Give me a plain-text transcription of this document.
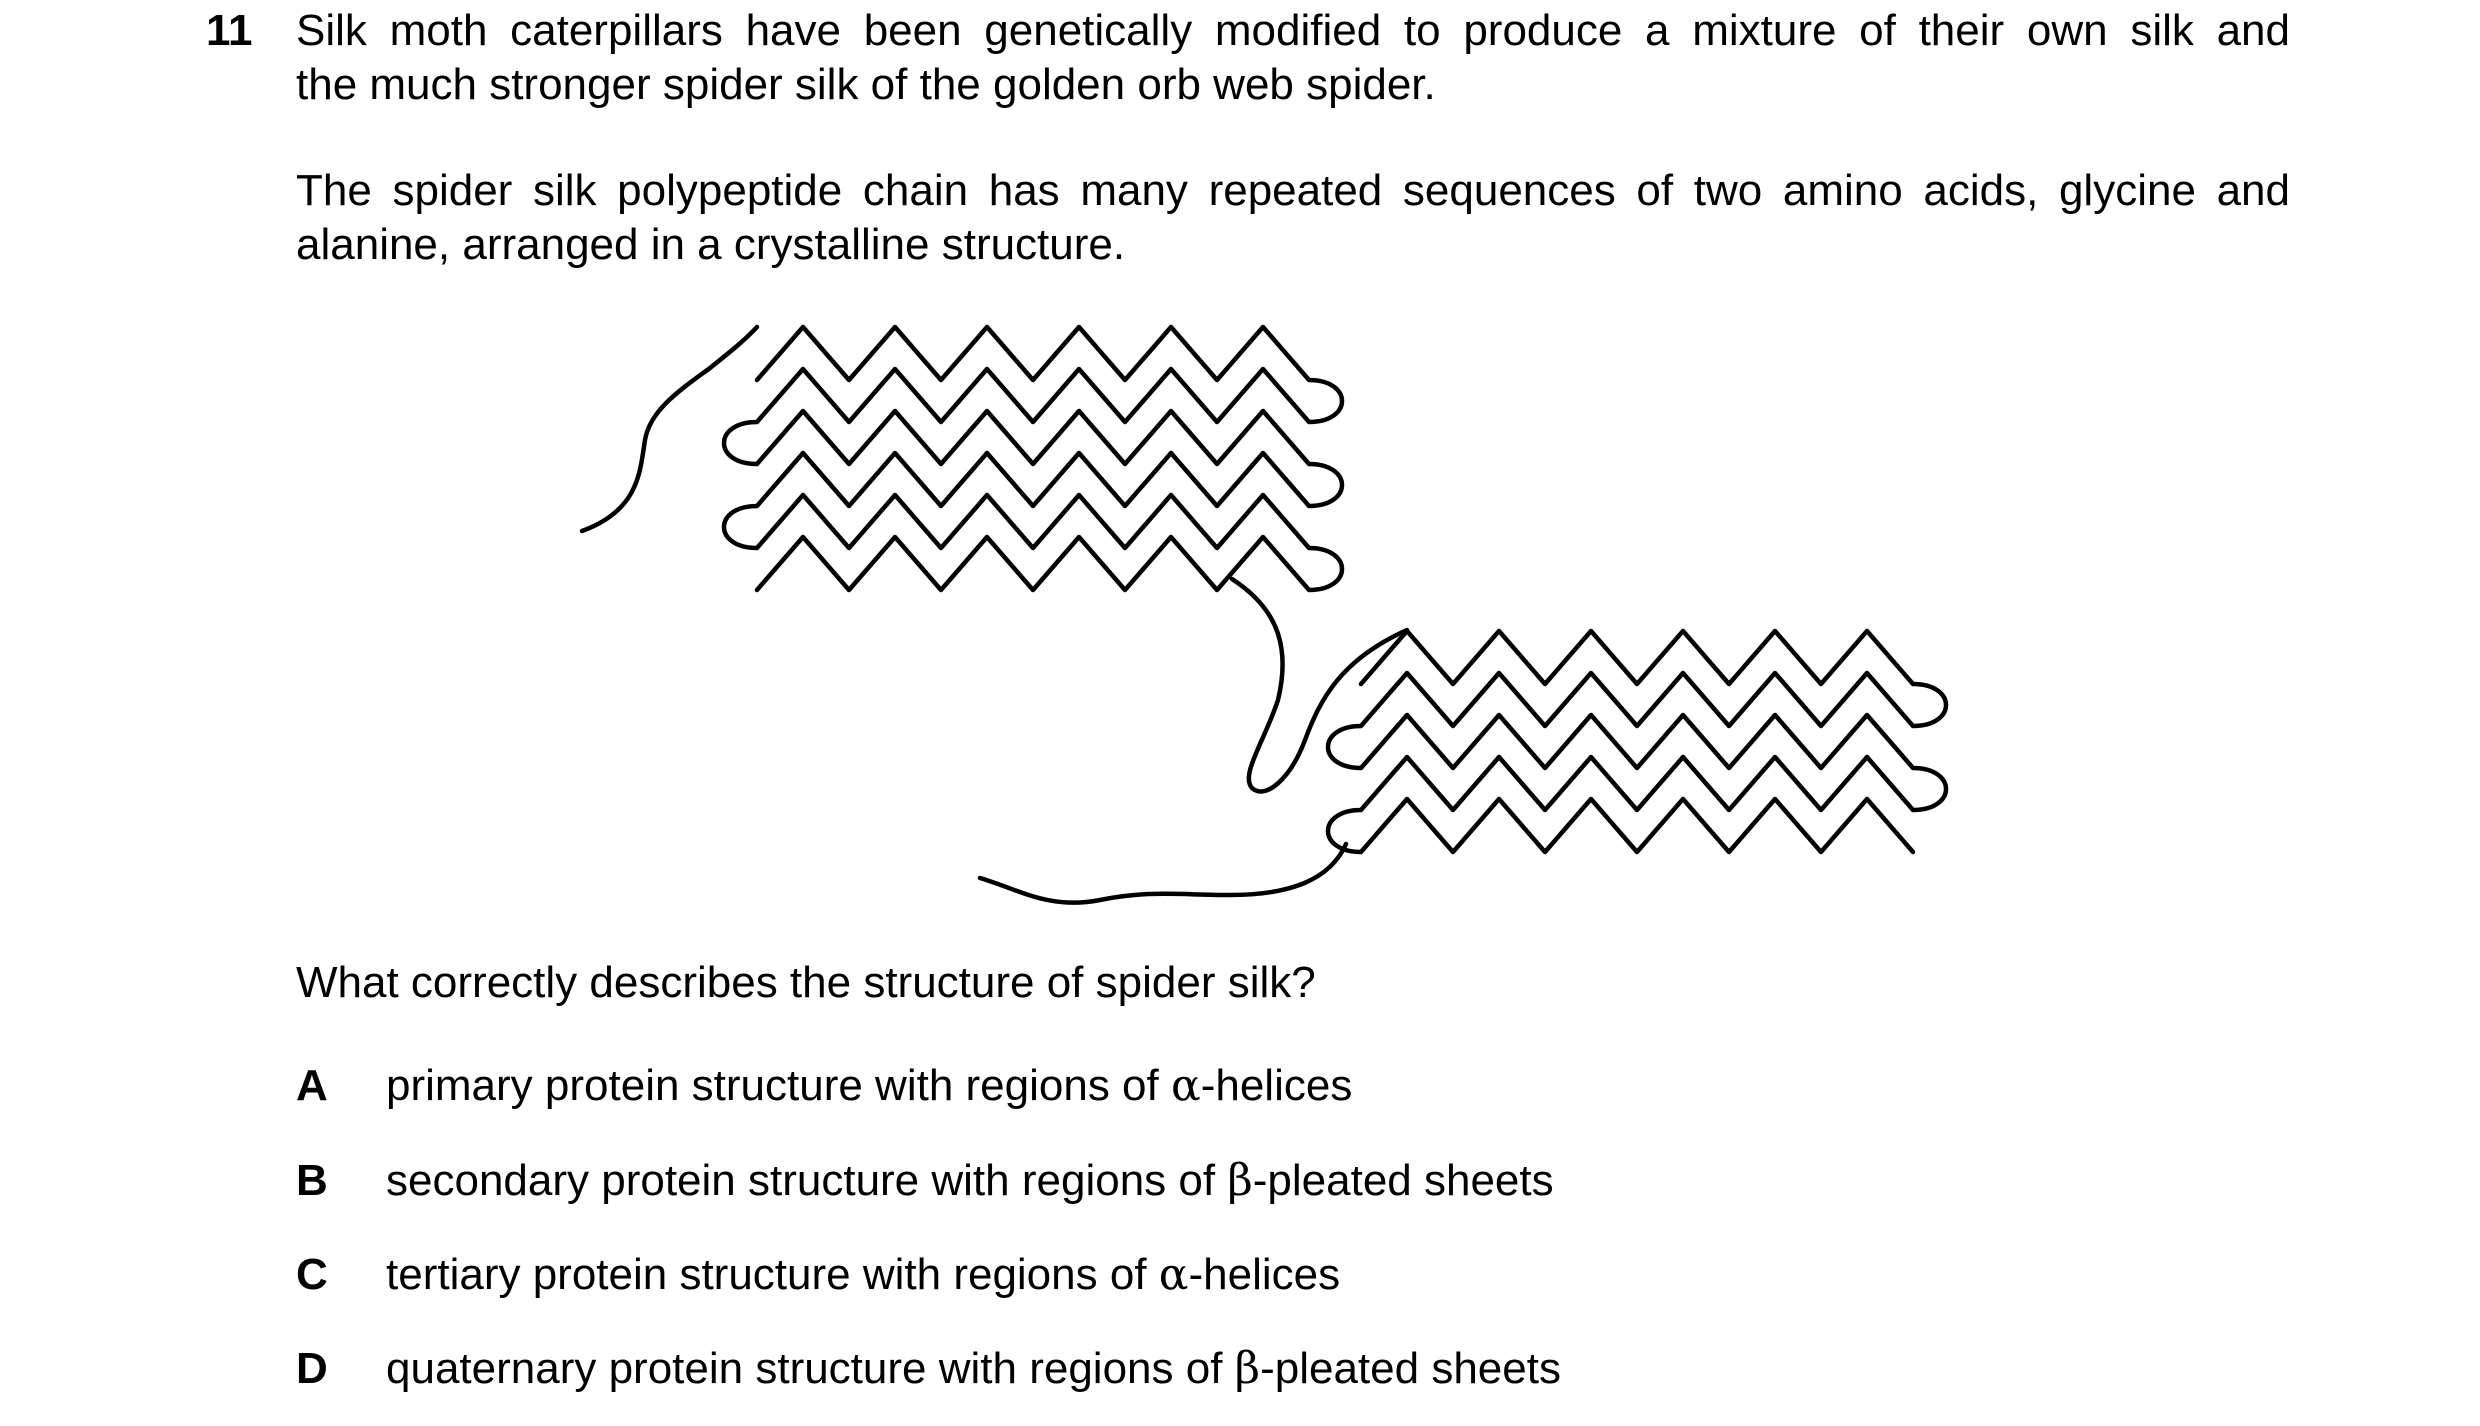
11 Silk moth caterpillars have been genetically modified to produce a mixture of their own silk and
the much stronger spider silk of the golden orb web spider.
The spider silk polypeptide chain has many repeated sequences of two amino acids, glycine and
alanine, arranged in a crystalline structure.
What correctly describes the structure of spider silk?
A primary protein structure with regions of α-helices
B secondary protein structure with regions of β-pleated sheets
C tertiary protein structure with regions of α-helices
D quaternary protein structure with regions of β-pleated sheets
